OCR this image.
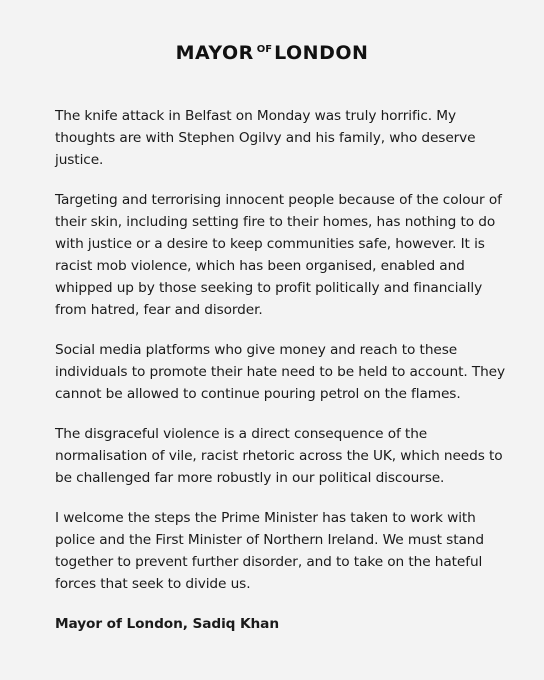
MAYOR $^{OF}$ LONDON

The knife attack in Belfast on Monday was truly horrific. My thoughts are with Stephen Ogilvy and his family, who deserve justice.

Targeting and terrorising innocent people because of the colour of their skin, including setting fire to their homes, has nothing to do with justice or a desire to keep communities safe, however. It is racist mob violence, which has been organised, enabled and whipped up by those seeking to profit politically and financially from hatred, fear and disorder.

Social media platforms who give money and reach to these individuals to promote their hate need to be held to account. They cannot be allowed to continue pouring petrol on the flames.

The disgraceful violence is a direct consequence of the normalisation of vile, racist rhetoric across the UK, which needs to be challenged far more robustly in our political discourse.

I welcome the steps the Prime Minister has taken to work with police and the First Minister of Northern Ireland. We must stand together to prevent further disorder, and to take on the hateful forces that seek to divide us.

Mayor of London, Sadiq Khan
